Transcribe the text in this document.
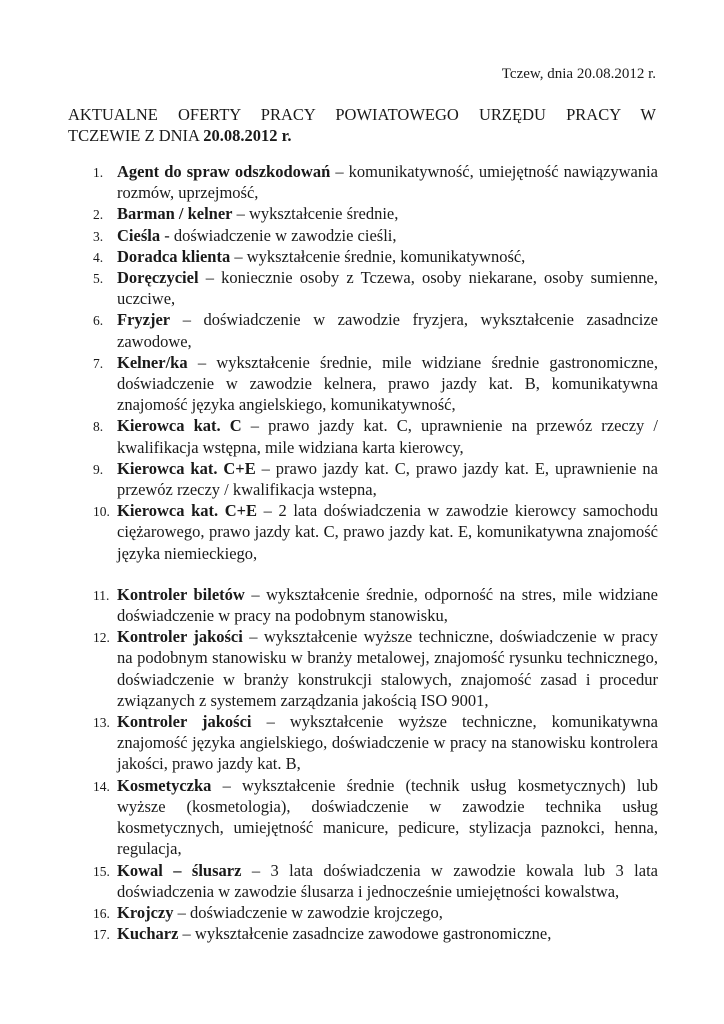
Tczew, dnia 20.08.2012 r.
AKTUALNE OFERTY PRACY POWIATOWEGO URZĘDU PRACY W
TCZEWIE Z DNIA 20.08.2012 r.
1. Agent do spraw odszkodowań – komunikatywność, umiejętność nawiązywania rozmów, uprzejmość,
2. Barman / kelner – wykształcenie średnie,
3. Cieśla - doświadczenie w zawodzie cieśli,
4. Doradca klienta – wykształcenie średnie, komunikatywność,
5. Doręczyciel – koniecznie osoby z Tczewa, osoby niekarane, osoby sumienne, uczciwe,
6. Fryzjer – doświadczenie w zawodzie fryzjera, wykształcenie zasadncize zawodowe,
7. Kelner/ka – wykształcenie średnie, mile widziane średnie gastronomiczne, doświadczenie w zawodzie kelnera, prawo jazdy kat. B, komunikatywna znajomość języka angielskiego, komunikatywność,
8. Kierowca kat. C – prawo jazdy kat. C, uprawnienie na przewóz rzeczy / kwalifikacja wstępna, mile widziana karta kierowcy,
9. Kierowca kat. C+E – prawo jazdy kat. C, prawo jazdy kat. E, uprawnienie na przewóz rzeczy / kwalifikacja wstepna,
10. Kierowca kat. C+E – 2 lata doświadczenia w zawodzie kierowcy samochodu ciężarowego, prawo jazdy kat. C, prawo jazdy kat. E, komunikatywna znajomość języka niemieckiego,
11. Kontroler biletów – wykształcenie średnie, odporność na stres, mile widziane doświadczenie w pracy na podobnym stanowisku,
12. Kontroler jakości – wykształcenie wyższe techniczne, doświadczenie w pracy na podobnym stanowisku w branży metalowej, znajomość rysunku technicznego, doświadczenie w branży konstrukcji stalowych, znajomość zasad i procedur związanych z systemem zarządzania jakością ISO 9001,
13. Kontroler jakości – wykształcenie wyższe techniczne, komunikatywna znajomość języka angielskiego, doświadczenie w pracy na stanowisku kontrolera jakości, prawo jazdy kat. B,
14. Kosmetyczka – wykształcenie średnie (technik usług kosmetycznych) lub wyższe (kosmetologia), doświadczenie w zawodzie technika usług kosmetycznych, umiejętność manicure, pedicure, stylizacja paznokci, henna, regulacja,
15. Kowal – ślusarz – 3 lata doświadczenia w zawodzie kowala lub 3 lata doświadczenia w zawodzie ślusarza i jednocześnie umiejętności kowalstwa,
16. Krojczy – doświadczenie w zawodzie krojczego,
17. Kucharz – wykształcenie zasadncize zawodowe gastronomiczne,
